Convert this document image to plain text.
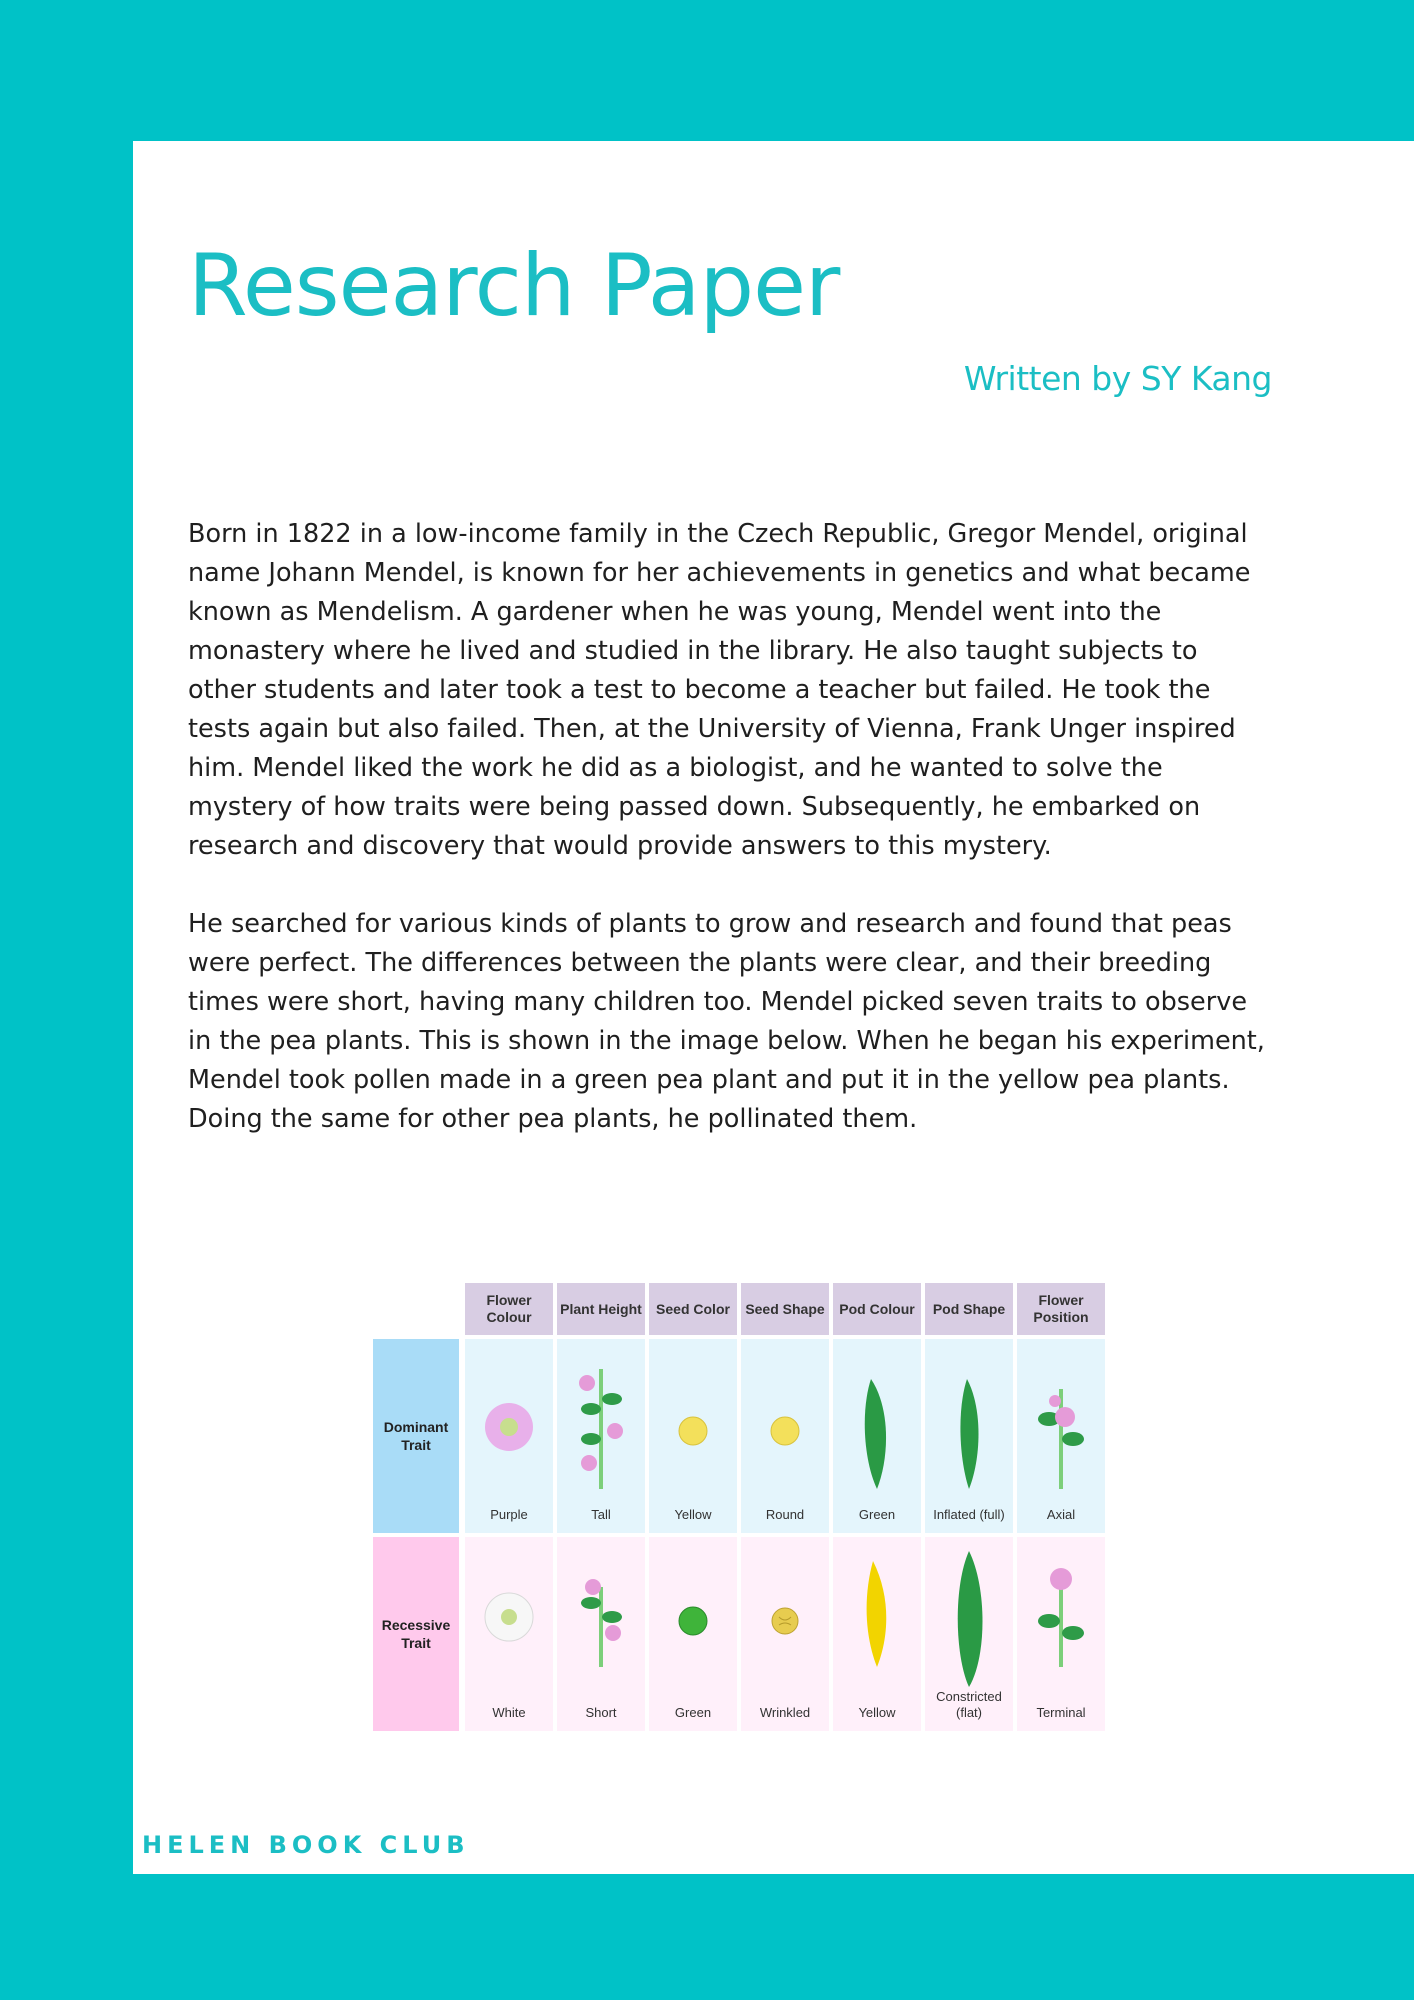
Research Paper
Written by SY Kang

Born in 1822 in a low-income family in the Czech Republic, Gregor Mendel, original name Johann Mendel, is known for her achievements in genetics and what became known as Mendelism. A gardener when he was young, Mendel went into the monastery where he lived and studied in the library. He also taught subjects to other students and later took a test to become a teacher but failed. He took the tests again but also failed. Then, at the University of Vienna, Frank Unger inspired him. Mendel liked the work he did as a biologist, and he wanted to solve the mystery of how traits were being passed down. Subsequently, he embarked on research and discovery that would provide answers to this mystery.

He searched for various kinds of plants to grow and research and found that peas were perfect. The differences between the plants were clear, and their breeding times were short, having many children too. Mendel picked seven traits to observe in the pea plants. This is shown in the image below. When he began his experiment, Mendel took pollen made in a green pea plant and put it in the yellow pea plants. Doing the same for other pea plants, he pollinated them.

Dominant Trait
Recessive Trait
Flower Colour
Purple
White
Plant Height
Tall
Short
Seed Color
Yellow
Green
Seed Shape
Round
Wrinkled
Pod Colour
Green
Yellow
Pod Shape
Inflated (full)
Constricted (flat)
Flower Position
Axial
Terminal
HELEN BOOK CLUB
